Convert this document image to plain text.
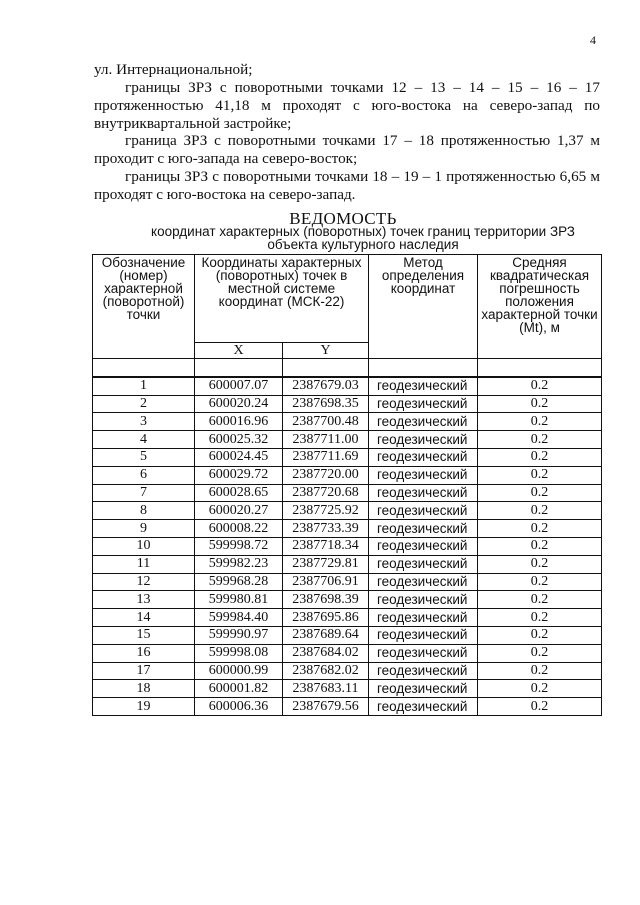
4

ул. Интернациональной;

границы ЗРЗ с поворотными точками 12 – 13 – 14 – 15 – 16 – 17 протяженностью 41,18 м проходят с юго-востока на северо-запад по внутриквартальной застройке;

граница ЗРЗ с поворотными точками 17 – 18 протяженностью 1,37 м проходит с юго-запада на северо-восток;

границы ЗРЗ с поворотными точками 18 – 19 – 1 протяженностью 6,65 м проходят с юго-востока на северо-запад.

ВЕДОМОСТЬ
координат характерных (поворотных) точек границ территории ЗРЗ
объекта культурного наследия
Обозначение (номер) характерной (поворотной) точки	Координаты характерных (поворотных) точек в местной системе координат (МСК-22)		Метод определения координат	Средняя квадратическая погрешность положения характерной точки (Mt), м
	X	Y		

1	600007.07	2387679.03	геодезический	0.2
2	600020.24	2387698.35	геодезический	0.2
3	600016.96	2387700.48	геодезический	0.2
4	600025.32	2387711.00	геодезический	0.2
5	600024.45	2387711.69	геодезический	0.2
6	600029.72	2387720.00	геодезический	0.2
7	600028.65	2387720.68	геодезический	0.2
8	600020.27	2387725.92	геодезический	0.2
9	600008.22	2387733.39	геодезический	0.2
10	599998.72	2387718.34	геодезический	0.2
11	599982.23	2387729.81	геодезический	0.2
12	599968.28	2387706.91	геодезический	0.2
13	599980.81	2387698.39	геодезический	0.2
14	599984.40	2387695.86	геодезический	0.2
15	599990.97	2387689.64	геодезический	0.2
16	599998.08	2387684.02	геодезический	0.2
17	600000.99	2387682.02	геодезический	0.2
18	600001.82	2387683.11	геодезический	0.2
19	600006.36	2387679.56	геодезический	0.2
